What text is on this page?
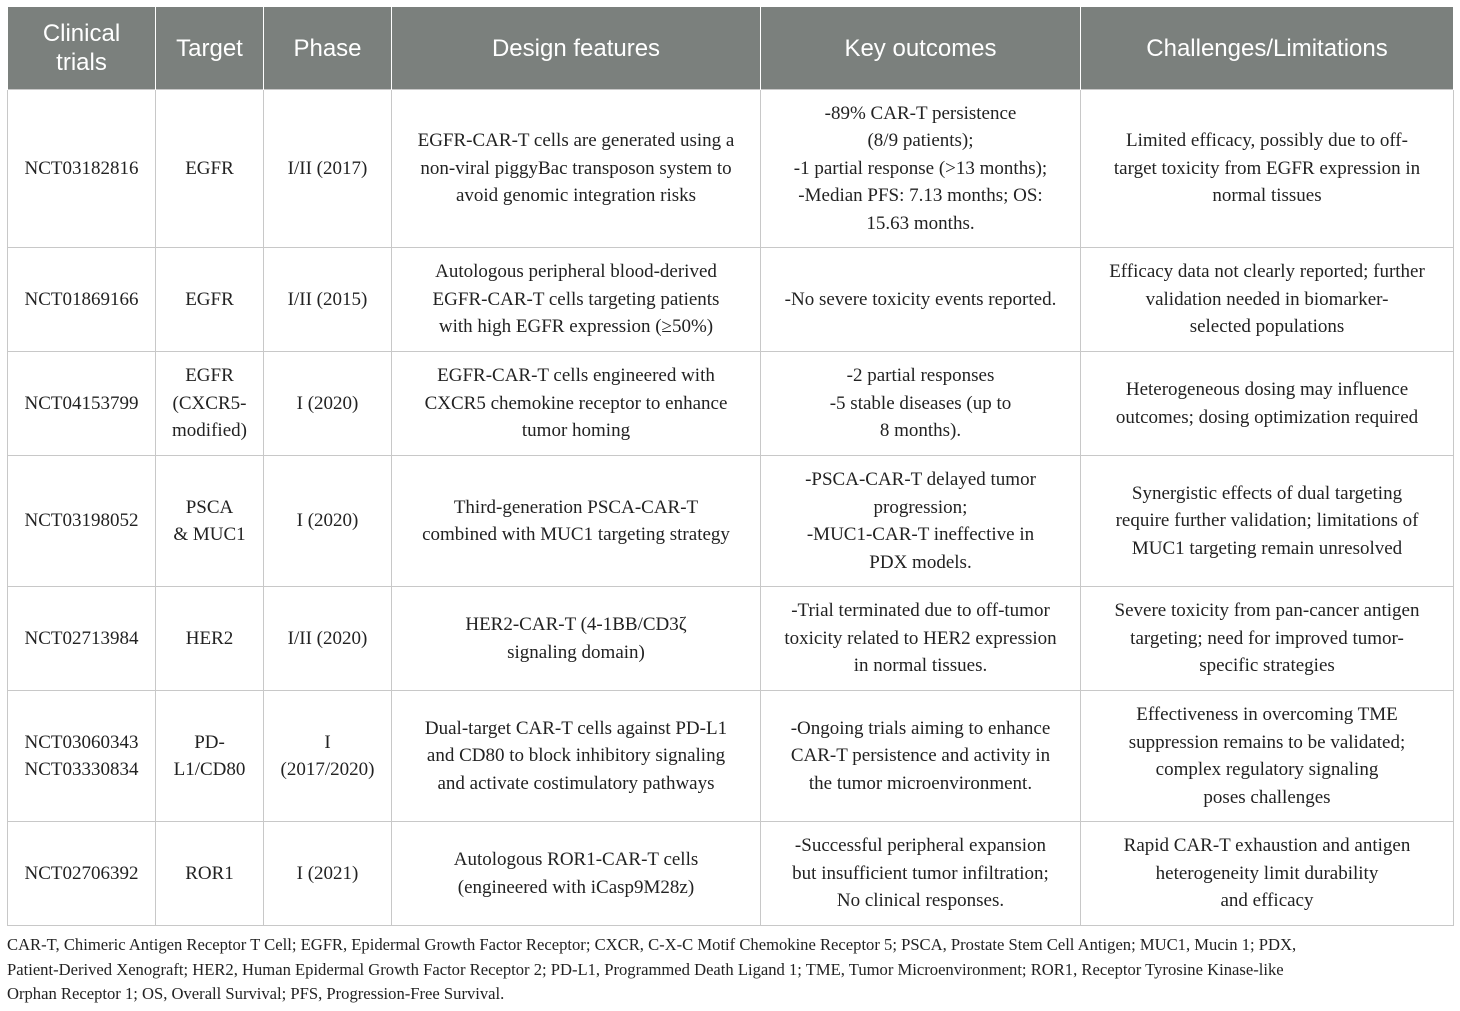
Clinical
trials	Target	Phase	Design features	Key outcomes	Challenges/Limitations

NCT03182816	EGFR	I/II (2017)	EGFR-CAR-T cells are generated using a
non-viral piggyBac transposon system to
avoid genomic integration risks	-89% CAR-T persistence
(8/9 patients);
-1 partial response (>13 months);
-Median PFS: 7.13 months; OS:
15.63 months.	Limited efficacy, possibly due to off-
target toxicity from EGFR expression in
normal tissues

NCT01869166	EGFR	I/II (2015)	Autologous peripheral blood-derived
EGFR-CAR-T cells targeting patients
with high EGFR expression (≥50%)	-No severe toxicity events reported.	Efficacy data not clearly reported; further
validation needed in biomarker-
selected populations

NCT04153799	EGFR
(CXCR5-
modified)	I (2020)	EGFR-CAR-T cells engineered with
CXCR5 chemokine receptor to enhance
tumor homing	-2 partial responses
-5 stable diseases (up to
8 months).	Heterogeneous dosing may influence
outcomes; dosing optimization required

NCT03198052	PSCA
& MUC1	I (2020)	Third-generation PSCA-CAR-T
combined with MUC1 targeting strategy	-PSCA-CAR-T delayed tumor
progression;
-MUC1-CAR-T ineffective in
PDX models.	Synergistic effects of dual targeting
require further validation; limitations of
MUC1 targeting remain unresolved

NCT02713984	HER2	I/II (2020)	HER2-CAR-T (4-1BB/CD3ζ
signaling domain)	-Trial terminated due to off-tumor
toxicity related to HER2 expression
in normal tissues.	Severe toxicity from pan-cancer antigen
targeting; need for improved tumor-
specific strategies

NCT03060343
NCT03330834	PD-
L1/CD80	I
(2017/2020)	Dual-target CAR-T cells against PD-L1
and CD80 to block inhibitory signaling
and activate costimulatory pathways	-Ongoing trials aiming to enhance
CAR-T persistence and activity in
the tumor microenvironment.	Effectiveness in overcoming TME
suppression remains to be validated;
complex regulatory signaling
poses challenges

NCT02706392	ROR1	I (2021)	Autologous ROR1-CAR-T cells
(engineered with iCasp9M28z)	-Successful peripheral expansion
but insufficient tumor infiltration;
No clinical responses.	Rapid CAR-T exhaustion and antigen
heterogeneity limit durability
and efficacy
CAR-T, Chimeric Antigen Receptor T Cell; EGFR, Epidermal Growth Factor Receptor; CXCR, C-X-C Motif Chemokine Receptor 5; PSCA, Prostate Stem Cell Antigen; MUC1, Mucin 1; PDX,
Patient-Derived Xenograft; HER2, Human Epidermal Growth Factor Receptor 2; PD-L1, Programmed Death Ligand 1; TME, Tumor Microenvironment; ROR1, Receptor Tyrosine Kinase-like
Orphan Receptor 1; OS, Overall Survival; PFS, Progression-Free Survival.
